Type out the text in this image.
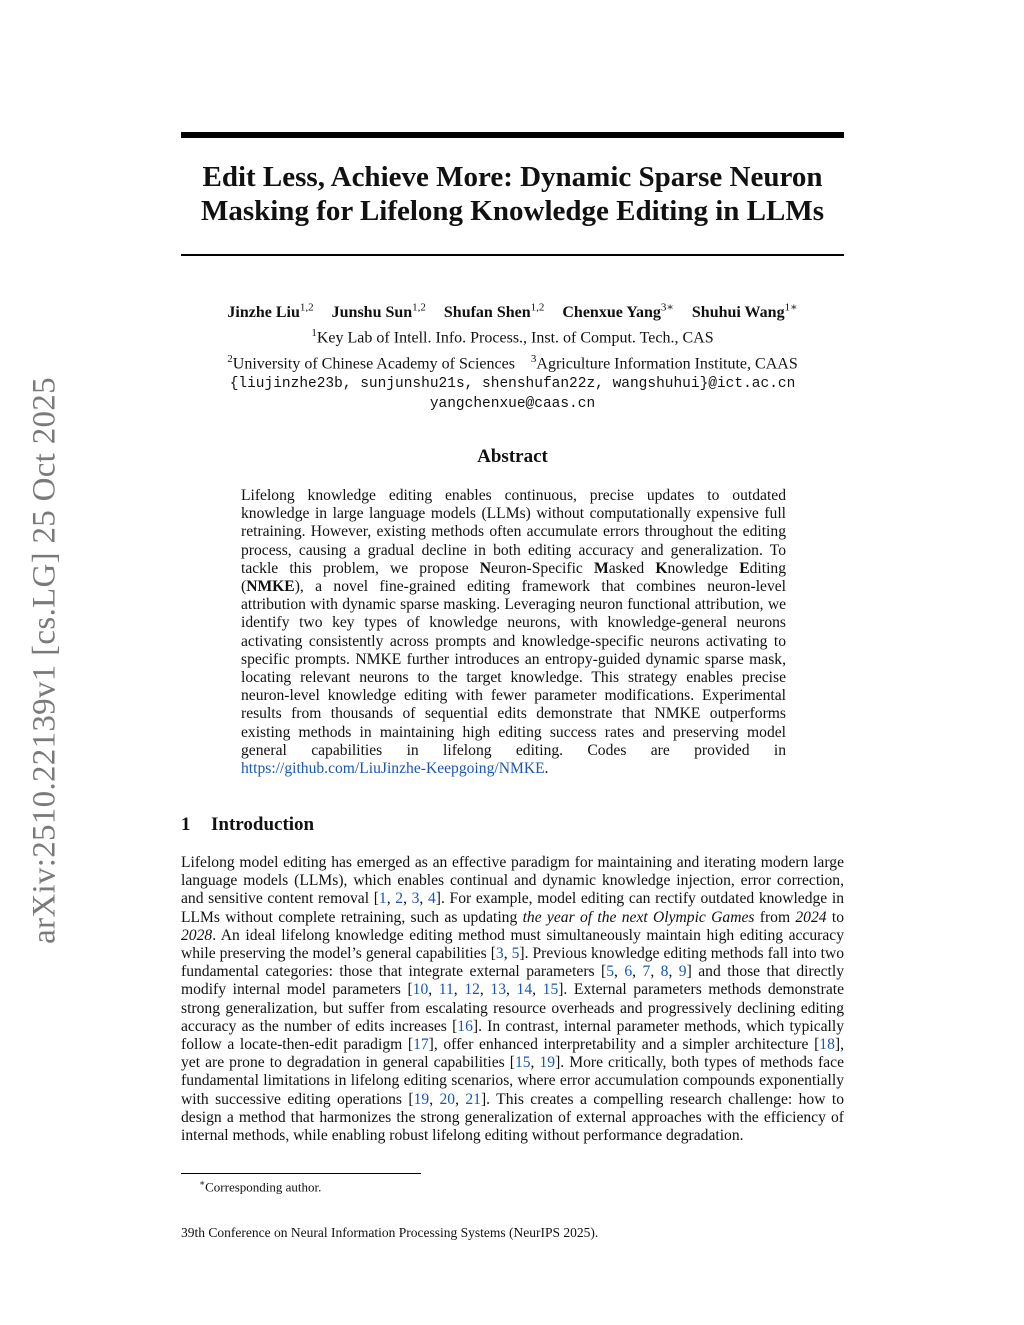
arXiv:2510.22139v1 [cs.LG] 25 Oct 2025
Edit Less, Achieve More: Dynamic Sparse Neuron
Masking for Lifelong Knowledge Editing in LLMs
Jinzhe Liu$^{1,2}$ Junshu Sun$^{1,2}$ Shufan Shen$^{1,2}$ Chenxue Yang$^{3∗}$ Shuhui Wang$^{1∗}$
$^1$Key Lab of Intell. Info. Process., Inst. of Comput. Tech., CAS
$^2$University of Chinese Academy of Sciences $^3$Agriculture Information Institute, CAAS
{liujinzhe23b, sunjunshu21s, shenshufan22z, wangshuhui}@ict.ac.cn
yangchenxue@caas.cn
Abstract
Lifelong knowledge editing enables continuous, precise updates to outdated knowledge in large language models (LLMs) without computationally expensive full retraining. However, existing methods often accumulate errors throughout the editing process, causing a gradual decline in both editing accuracy and generalization. To tackle this problem, we propose Neuron-Specific Masked Knowledge Editing (NMKE), a novel fine-grained editing framework that combines neuron-level attribution with dynamic sparse masking. Leveraging neuron functional attribution, we identify two key types of knowledge neurons, with knowledge-general neurons activating consistently across prompts and knowledge-specific neurons activating to specific prompts. NMKE further introduces an entropy-guided dynamic sparse mask, locating relevant neurons to the target knowledge. This strategy enables precise neuron-level knowledge editing with fewer parameter modifications. Experimental results from thousands of sequential edits demonstrate that NMKE outperforms existing methods in maintaining high editing success rates and preserving model general capabilities in lifelong editing. Codes are provided in https://github.com/LiuJinzhe-Keepgoing/NMKE.
1 Introduction
Lifelong model editing has emerged as an effective paradigm for maintaining and iterating modern large language models (LLMs), which enables continual and dynamic knowledge injection, error correction, and sensitive content removal [1, 2, 3, 4]. For example, model editing can rectify outdated knowledge in LLMs without complete retraining, such as updating the year of the next Olympic Games from 2024 to 2028. An ideal lifelong knowledge editing method must simultaneously maintain high editing accuracy while preserving the model’s general capabilities [3, 5]. Previous knowledge editing methods fall into two fundamental categories: those that integrate external parameters [5, 6, 7, 8, 9] and those that directly modify internal model parameters [10, 11, 12, 13, 14, 15]. External parameters methods demonstrate strong generalization, but suffer from escalating resource overheads and progressively declining editing accuracy as the number of edits increases [16]. In contrast, internal parameter methods, which typically follow a locate-then-edit paradigm [17], offer enhanced interpretability and a simpler architecture [18], yet are prone to degradation in general capabilities [15, 19]. More critically, both types of methods face fundamental limitations in lifelong editing scenarios, where error accumulation compounds exponentially with successive editing operations [19, 20, 21]. This creates a compelling research challenge: how to design a method that harmonizes the strong generalization of external approaches with the efficiency of internal methods, while enabling robust lifelong editing without performance degradation.
∗Corresponding author.
39th Conference on Neural Information Processing Systems (NeurIPS 2025).
